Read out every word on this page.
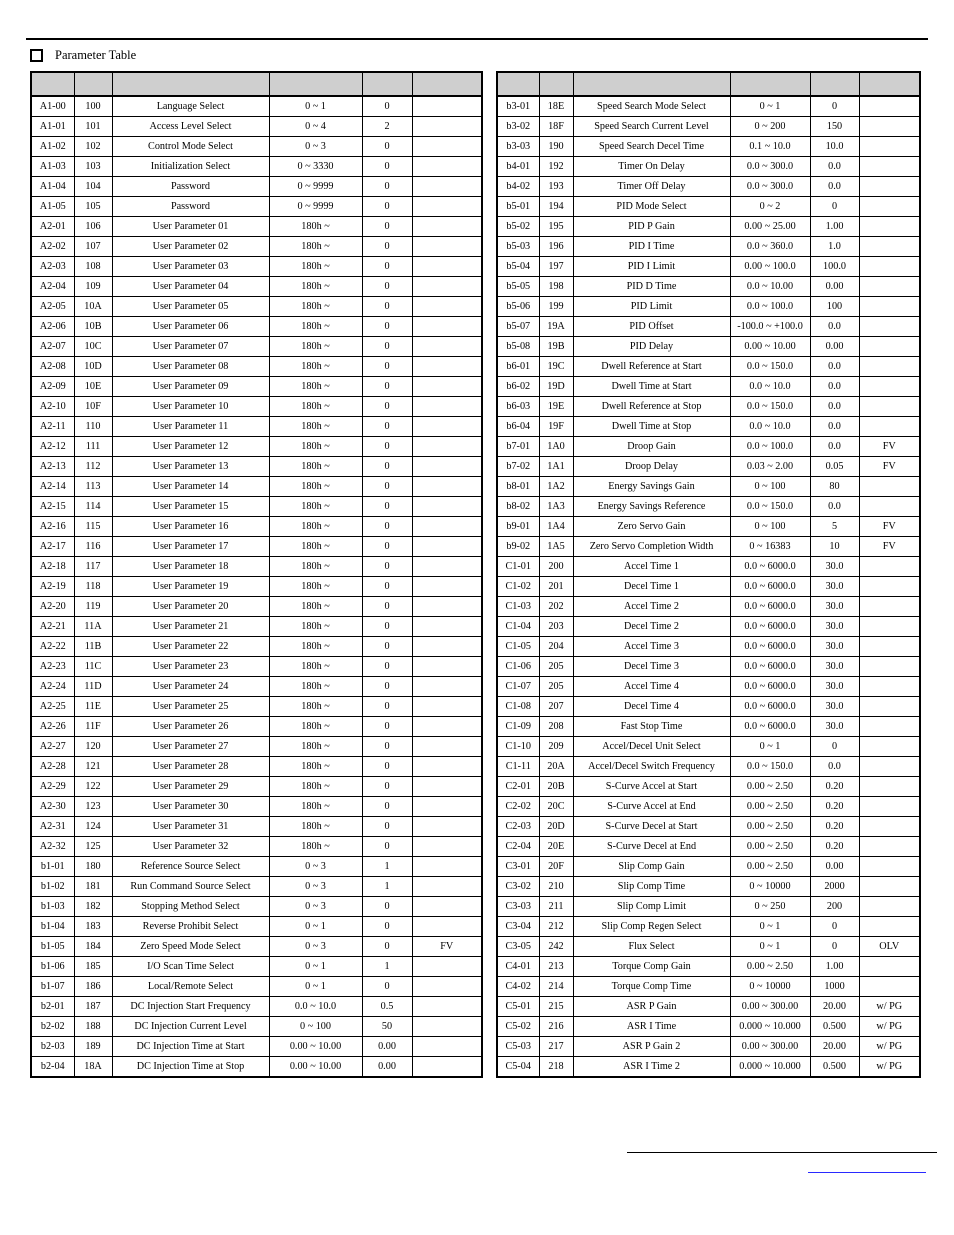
Parameter Table

A1-00	100	Language Select	0 ~ 1	0	
A1-01	101	Access Level Select	0 ~ 4	2	
A1-02	102	Control Mode Select	0 ~ 3	0	
A1-03	103	Initialization Select	0 ~ 3330	0	
A1-04	104	Password	0 ~ 9999	0	
A1-05	105	Password	0 ~ 9999	0	
A2-01	106	User Parameter 01	180h ~	0	
A2-02	107	User Parameter 02	180h ~	0	
A2-03	108	User Parameter 03	180h ~	0	
A2-04	109	User Parameter 04	180h ~	0	
A2-05	10A	User Parameter 05	180h ~	0	
A2-06	10B	User Parameter 06	180h ~	0	
A2-07	10C	User Parameter 07	180h ~	0	
A2-08	10D	User Parameter 08	180h ~	0	
A2-09	10E	User Parameter 09	180h ~	0	
A2-10	10F	User Parameter 10	180h ~	0	
A2-11	110	User Parameter 11	180h ~	0	
A2-12	111	User Parameter 12	180h ~	0	
A2-13	112	User Parameter 13	180h ~	0	
A2-14	113	User Parameter 14	180h ~	0	
A2-15	114	User Parameter 15	180h ~	0	
A2-16	115	User Parameter 16	180h ~	0	
A2-17	116	User Parameter 17	180h ~	0	
A2-18	117	User Parameter 18	180h ~	0	
A2-19	118	User Parameter 19	180h ~	0	
A2-20	119	User Parameter 20	180h ~	0	
A2-21	11A	User Parameter 21	180h ~	0	
A2-22	11B	User Parameter 22	180h ~	0	
A2-23	11C	User Parameter 23	180h ~	0	
A2-24	11D	User Parameter 24	180h ~	0	
A2-25	11E	User Parameter 25	180h ~	0	
A2-26	11F	User Parameter 26	180h ~	0	
A2-27	120	User Parameter 27	180h ~	0	
A2-28	121	User Parameter 28	180h ~	0	
A2-29	122	User Parameter 29	180h ~	0	
A2-30	123	User Parameter 30	180h ~	0	
A2-31	124	User Parameter 31	180h ~	0	
A2-32	125	User Parameter 32	180h ~	0	
b1-01	180	Reference Source Select	0 ~ 3	1	
b1-02	181	Run Command Source Select	0 ~ 3	1	
b1-03	182	Stopping Method Select	0 ~ 3	0	
b1-04	183	Reverse Prohibit Select	0 ~ 1	0	
b1-05	184	Zero Speed Mode Select	0 ~ 3	0	FV
b1-06	185	I/O Scan Time Select	0 ~ 1	1	
b1-07	186	Local/Remote Select	0 ~ 1	0	
b2-01	187	DC Injection Start Frequency	0.0 ~ 10.0	0.5	
b2-02	188	DC Injection Current Level	0 ~ 100	50	
b2-03	189	DC Injection Time at Start	0.00 ~ 10.00	0.00	
b2-04	18A	DC Injection Time at Stop	0.00 ~ 10.00	0.00	

b3-01	18E	Speed Search Mode Select	0 ~ 1	0	
b3-02	18F	Speed Search Current Level	0 ~ 200	150	
b3-03	190	Speed Search Decel Time	0.1 ~ 10.0	10.0	
b4-01	192	Timer On Delay	0.0 ~ 300.0	0.0	
b4-02	193	Timer Off Delay	0.0 ~ 300.0	0.0	
b5-01	194	PID Mode Select	0 ~ 2	0	
b5-02	195	PID P Gain	0.00 ~ 25.00	1.00	
b5-03	196	PID I Time	0.0 ~ 360.0	1.0	
b5-04	197	PID I Limit	0.00 ~ 100.0	100.0	
b5-05	198	PID D Time	0.0 ~ 10.00	0.00	
b5-06	199	PID Limit	0.0 ~ 100.0	100	
b5-07	19A	PID Offset	-100.0 ~ +100.0	0.0	
b5-08	19B	PID Delay	0.00 ~ 10.00	0.00	
b6-01	19C	Dwell Reference at Start	0.0 ~ 150.0	0.0	
b6-02	19D	Dwell Time at Start	0.0 ~ 10.0	0.0	
b6-03	19E	Dwell Reference at Stop	0.0 ~ 150.0	0.0	
b6-04	19F	Dwell Time at Stop	0.0 ~ 10.0	0.0	
b7-01	1A0	Droop Gain	0.0 ~ 100.0	0.0	FV
b7-02	1A1	Droop Delay	0.03 ~ 2.00	0.05	FV
b8-01	1A2	Energy Savings Gain	0 ~ 100	80	
b8-02	1A3	Energy Savings Reference	0.0 ~ 150.0	0.0	
b9-01	1A4	Zero Servo Gain	0 ~ 100	5	FV
b9-02	1A5	Zero Servo Completion Width	0 ~ 16383	10	FV
C1-01	200	Accel Time 1	0.0 ~ 6000.0	30.0	
C1-02	201	Decel Time 1	0.0 ~ 6000.0	30.0	
C1-03	202	Accel Time 2	0.0 ~ 6000.0	30.0	
C1-04	203	Decel Time 2	0.0 ~ 6000.0	30.0	
C1-05	204	Accel Time 3	0.0 ~ 6000.0	30.0	
C1-06	205	Decel Time 3	0.0 ~ 6000.0	30.0	
C1-07	205	Accel Time 4	0.0 ~ 6000.0	30.0	
C1-08	207	Decel Time 4	0.0 ~ 6000.0	30.0	
C1-09	208	Fast Stop Time	0.0 ~ 6000.0	30.0	
C1-10	209	Accel/Decel Unit Select	0 ~ 1	0	
C1-11	20A	Accel/Decel Switch Frequency	0.0 ~ 150.0	0.0	
C2-01	20B	S-Curve Accel at Start	0.00 ~ 2.50	0.20	
C2-02	20C	S-Curve Accel at End	0.00 ~ 2.50	0.20	
C2-03	20D	S-Curve Decel at Start	0.00 ~ 2.50	0.20	
C2-04	20E	S-Curve Decel at End	0.00 ~ 2.50	0.20	
C3-01	20F	Slip Comp Gain	0.00 ~ 2.50	0.00	
C3-02	210	Slip Comp Time	0 ~ 10000	2000	
C3-03	211	Slip Comp Limit	0 ~ 250	200	
C3-04	212	Slip Comp Regen Select	0 ~ 1	0	
C3-05	242	Flux Select	0 ~ 1	0	OLV
C4-01	213	Torque Comp Gain	0.00 ~ 2.50	1.00	
C4-02	214	Torque Comp Time	0 ~ 10000	1000	
C5-01	215	ASR P Gain	0.00 ~ 300.00	20.00	w/ PG
C5-02	216	ASR I Time	0.000 ~ 10.000	0.500	w/ PG
C5-03	217	ASR P Gain 2	0.00 ~ 300.00	20.00	w/ PG
C5-04	218	ASR I Time 2	0.000 ~ 10.000	0.500	w/ PG
